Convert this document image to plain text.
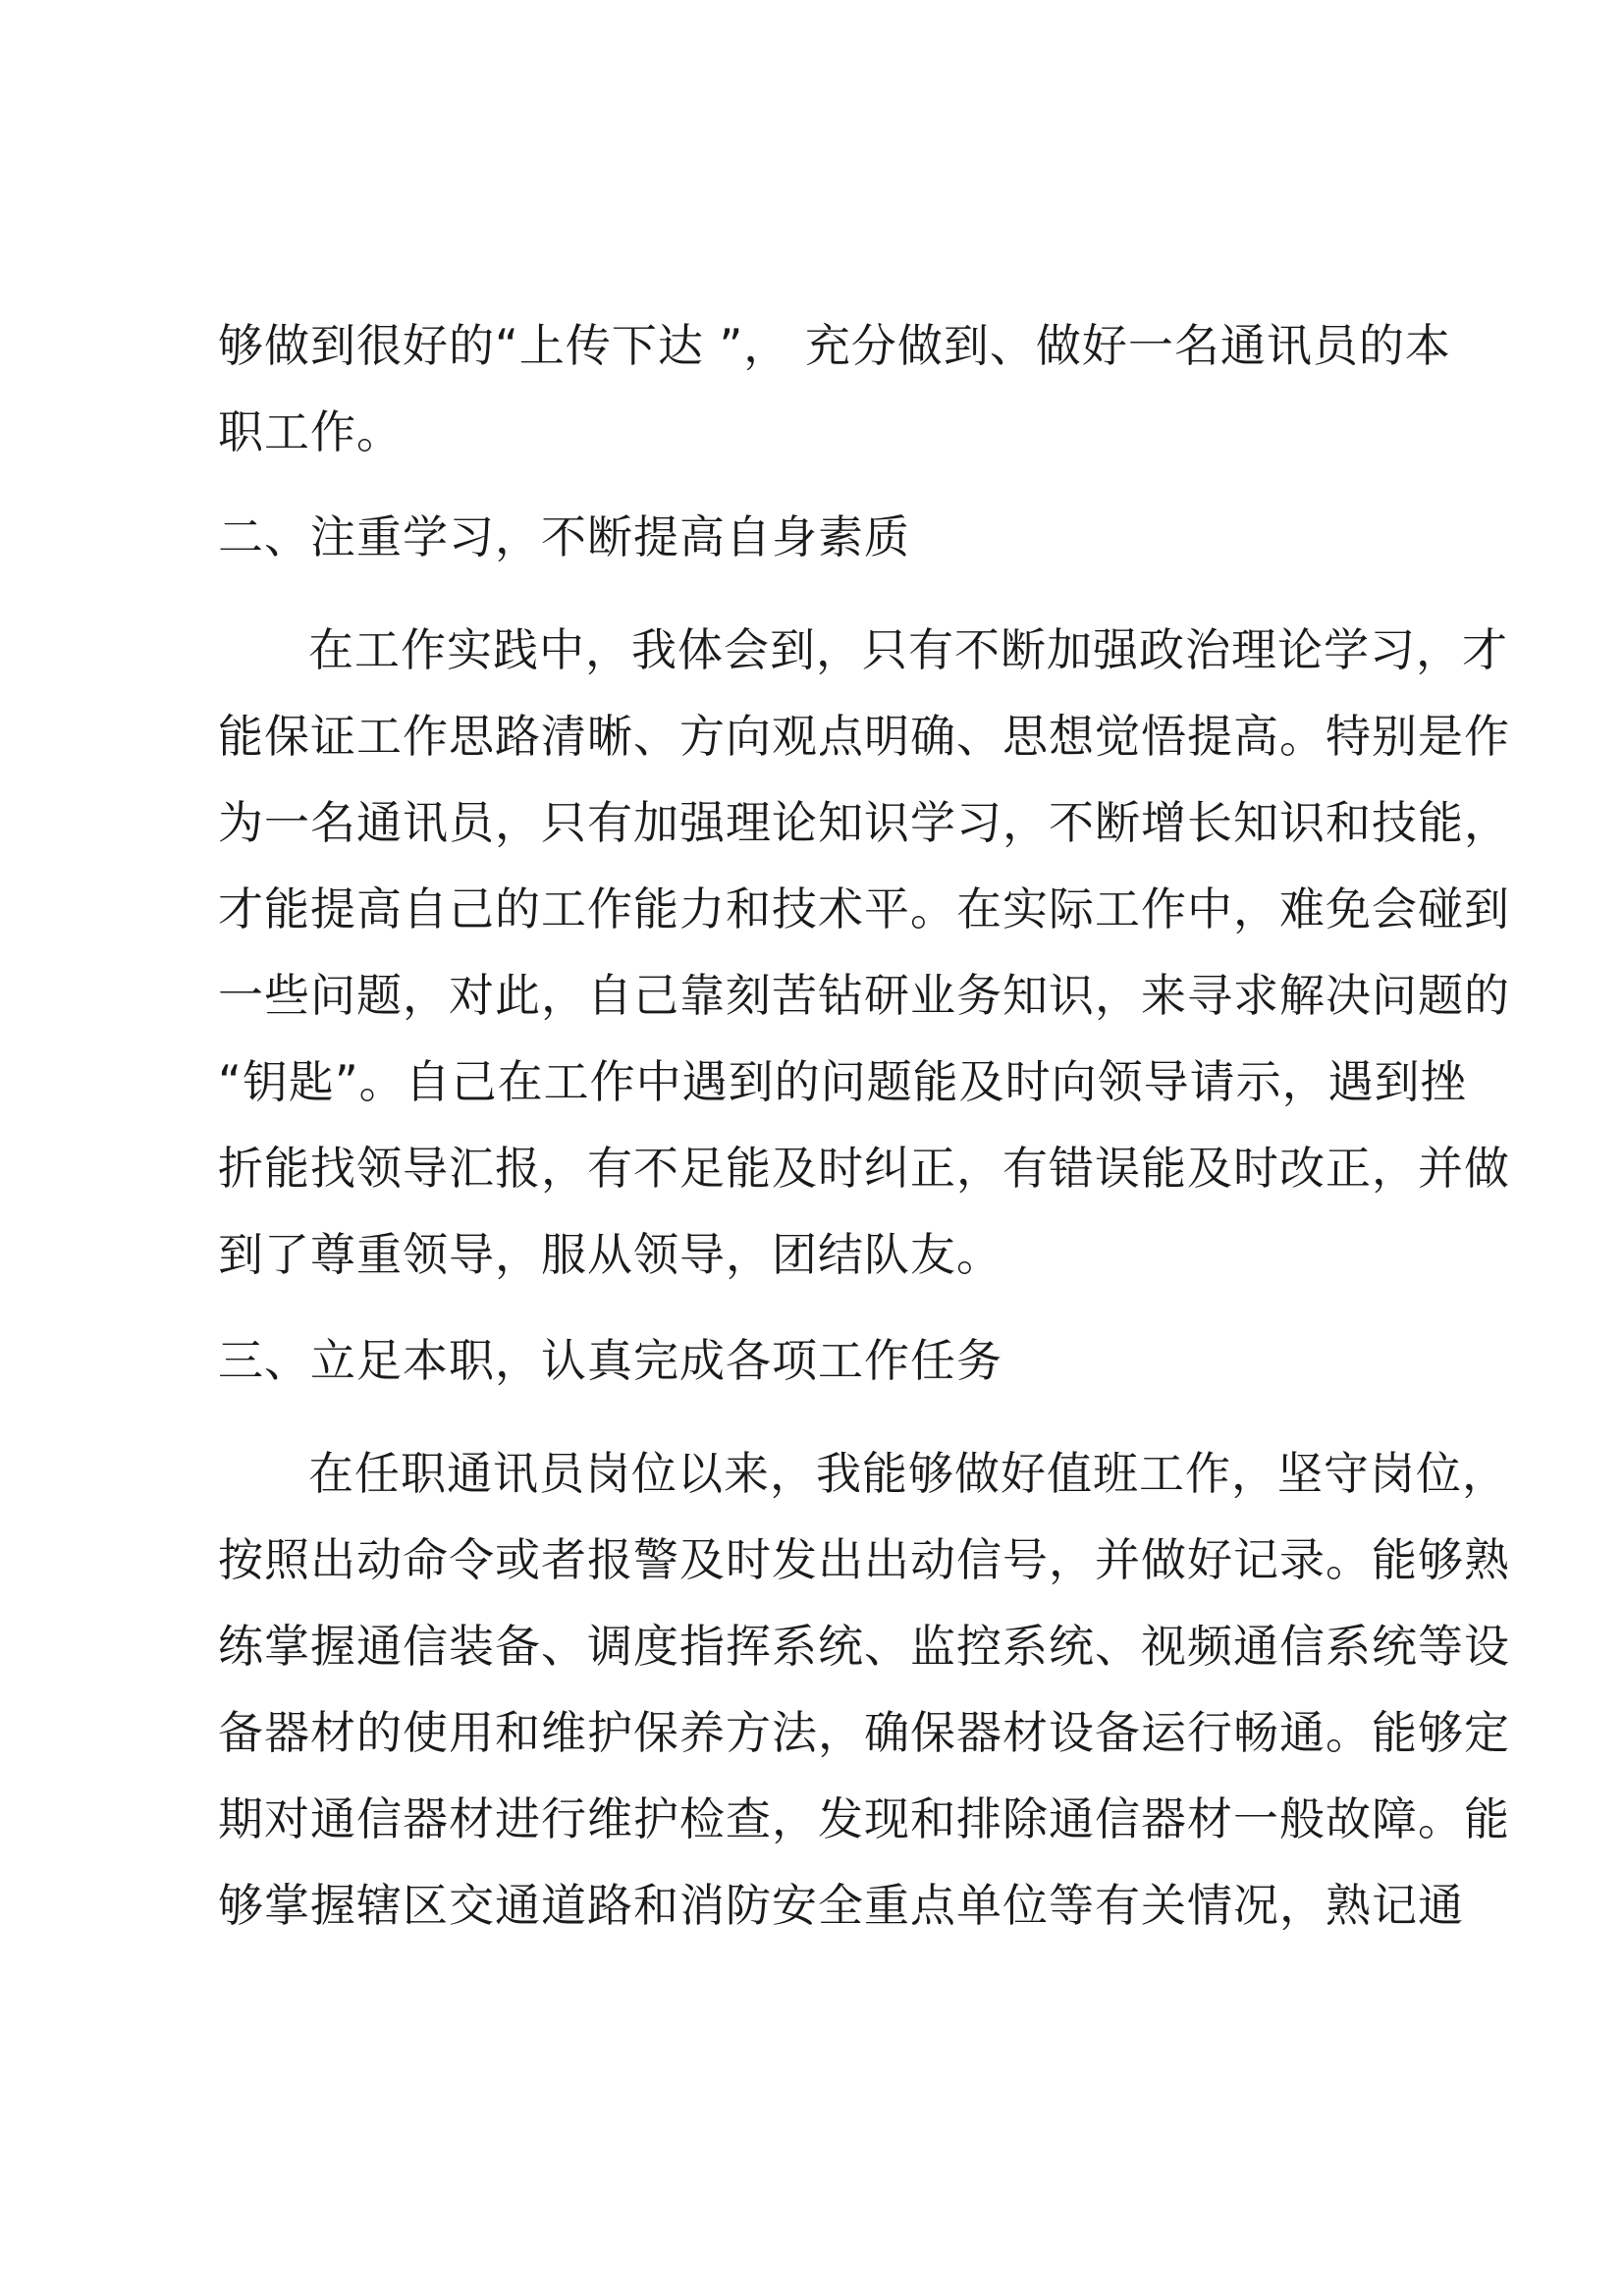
够做到很好的“上传下达 ”， 充分做到、做好一名通讯员的本
职工作。
二、注重学习，不断提高自身素质
在工作实践中，我体会到，只有不断加强政治理论学习，才
能保证工作思路清晰、方向观点明确、思想觉悟提高。特别是作
为一名通讯员，只有加强理论知识学习，不断增长知识和技能，
才能提高自己的工作能力和技术平。在实际工作中，难免会碰到
一些问题，对此，自己靠刻苦钻研业务知识，来寻求解决问题的
“钥匙”。自己在工作中遇到的问题能及时向领导请示，遇到挫
折能找领导汇报，有不足能及时纠正，有错误能及时改正，并做
到了尊重领导，服从领导，团结队友。
三、立足本职，认真完成各项工作任务
在任职通讯员岗位以来，我能够做好值班工作，坚守岗位，
按照出动命令或者报警及时发出出动信号，并做好记录。能够熟
练掌握通信装备、调度指挥系统、监控系统、视频通信系统等设
备器材的使用和维护保养方法，确保器材设备运行畅通。能够定
期对通信器材进行维护检查，发现和排除通信器材一般故障。能
够掌握辖区交通道路和消防安全重点单位等有关情况，熟记通
